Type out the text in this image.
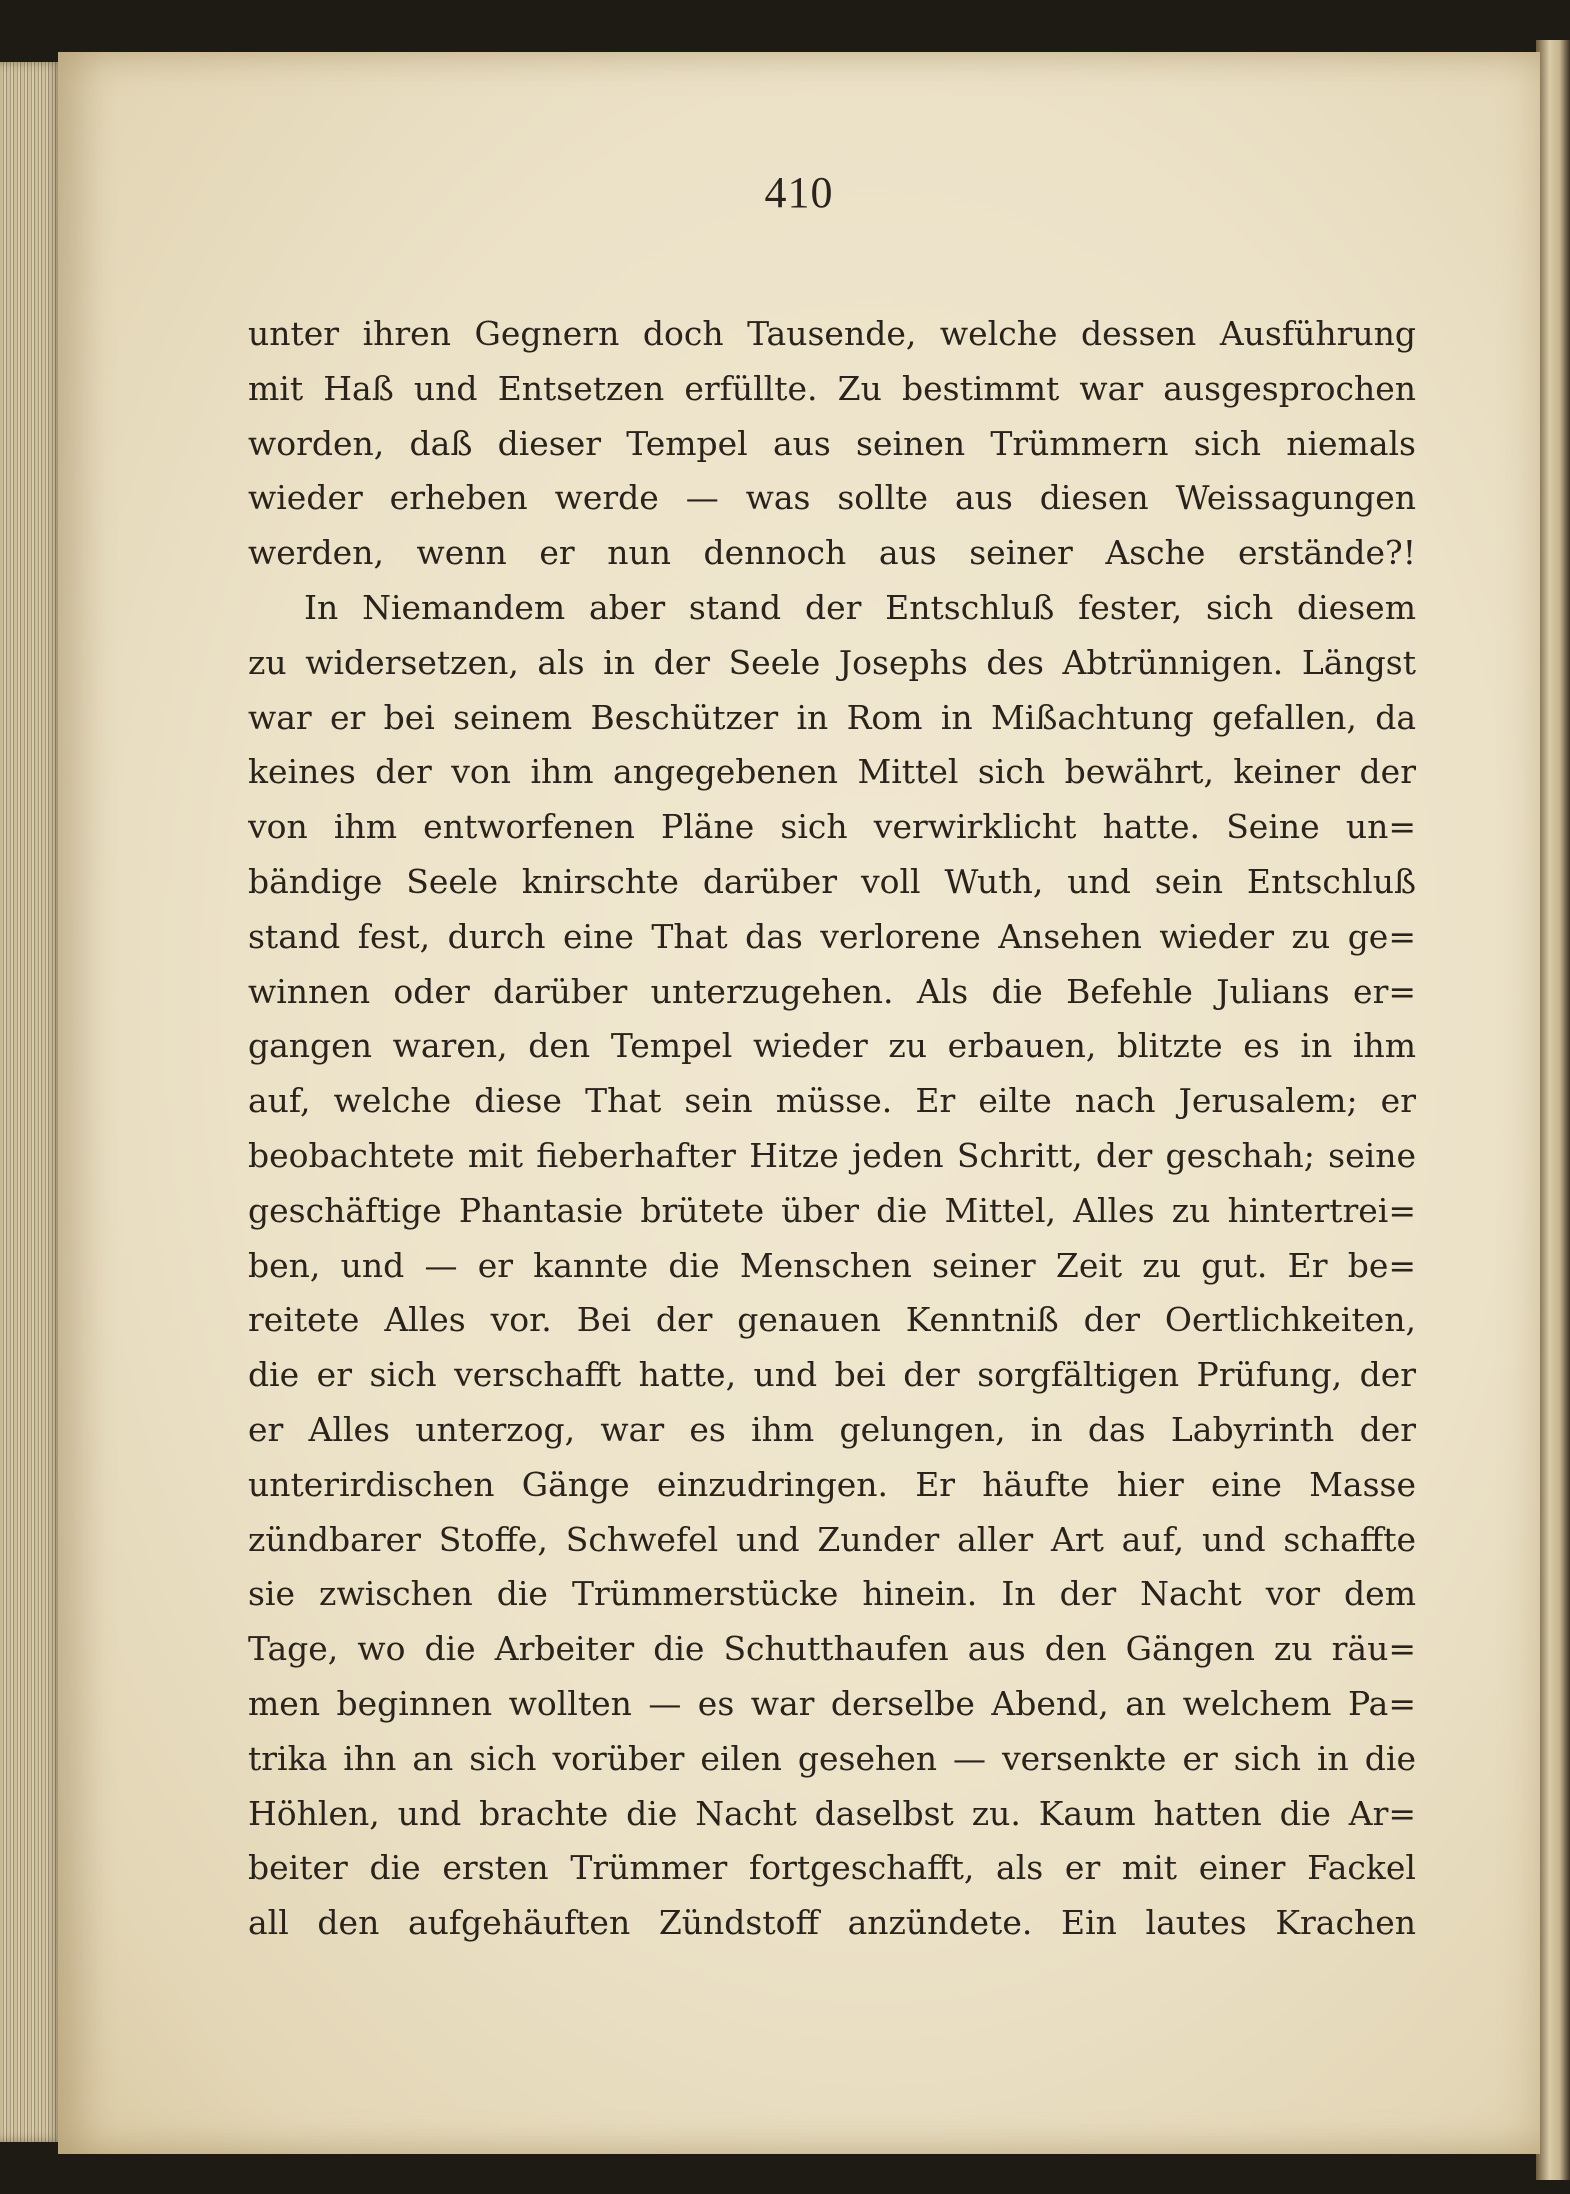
410
unter ihren Gegnern doch Tausende, welche dessen Ausführung
mit Haß und Entsetzen erfüllte. Zu bestimmt war ausgesprochen
worden, daß dieser Tempel aus seinen Trümmern sich niemals
wieder erheben werde — was sollte aus diesen Weissagungen
werden, wenn er nun dennoch aus seiner Asche erstände?!
In Niemandem aber stand der Entschluß fester, sich diesem
zu widersetzen, als in der Seele Josephs des Abtrünnigen. Längst
war er bei seinem Beschützer in Rom in Mißachtung gefallen, da
keines der von ihm angegebenen Mittel sich bewährt, keiner der
von ihm entworfenen Pläne sich verwirklicht hatte. Seine un=
bändige Seele knirschte darüber voll Wuth, und sein Entschluß
stand fest, durch eine That das verlorene Ansehen wieder zu ge=
winnen oder darüber unterzugehen. Als die Befehle Julians er=
gangen waren, den Tempel wieder zu erbauen, blitzte es in ihm
auf, welche diese That sein müsse. Er eilte nach Jerusalem; er
beobachtete mit fieberhafter Hitze jeden Schritt, der geschah; seine
geschäftige Phantasie brütete über die Mittel, Alles zu hintertrei=
ben, und — er kannte die Menschen seiner Zeit zu gut. Er be=
reitete Alles vor. Bei der genauen Kenntniß der Oertlichkeiten,
die er sich verschafft hatte, und bei der sorgfältigen Prüfung, der
er Alles unterzog, war es ihm gelungen, in das Labyrinth der
unterirdischen Gänge einzudringen. Er häufte hier eine Masse
zündbarer Stoffe, Schwefel und Zunder aller Art auf, und schaffte
sie zwischen die Trümmerstücke hinein. In der Nacht vor dem
Tage, wo die Arbeiter die Schutthaufen aus den Gängen zu räu=
men beginnen wollten — es war derselbe Abend, an welchem Pa=
trika ihn an sich vorüber eilen gesehen — versenkte er sich in die
Höhlen, und brachte die Nacht daselbst zu. Kaum hatten die Ar=
beiter die ersten Trümmer fortgeschafft, als er mit einer Fackel
all den aufgehäuften Zündstoff anzündete. Ein lautes Krachen
